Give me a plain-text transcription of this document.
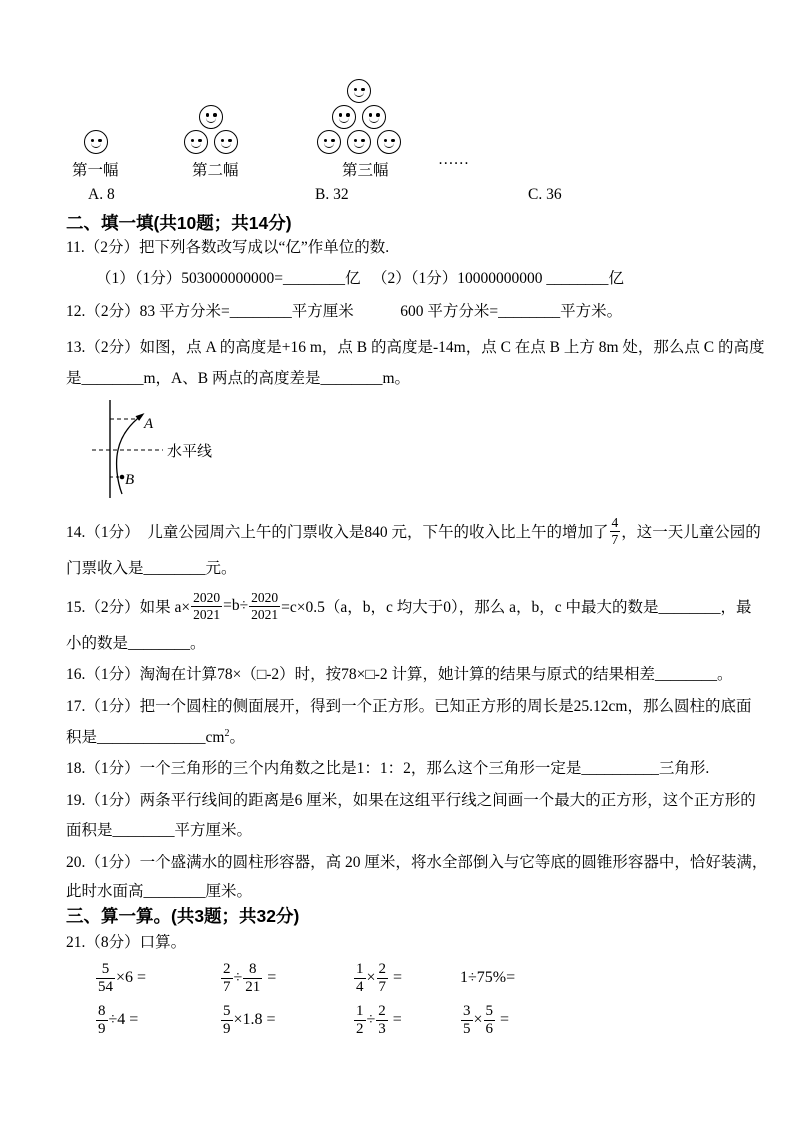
第一幅	第二幅	第三幅
……
A. 8	B. 32	C. 36
二、填一填(共10题；共14分)
11.（2分）把下列各数改写成以“亿”作单位的数.
（1）（1分）503000000000=________亿 （2）（1分）10000000000 ________亿
12.（2分）83 平方分米=________平方厘米　　　600 平方分米=________平方米。
13.（2分）如图，点 A 的高度是+16 m，点 B 的高度是-14m，点 C 在点 B 上方 8m 处，那么点 C 的高度
是________m，A、B 两点的高度差是________m。
A
水平线
B
14.（1分）  儿童公园周六上午的门票收入是840 元，下午的收入比上午的增加了 $\frac{4}{7}$ ，这一天儿童公园的
门票收入是________元。
15.（2分）如果 $a\times \frac{2020}{2021} =b\div \frac{2020}{2021} =c\times 0.5(a$，b，c 均大于0），那么 a，b，c 中最大的数是________，最
小的数是________。
16.（1分）淘淘在计算78×（□-2）时，按78×□-2 计算，她计算的结果与原式的结果相差________。
17.（1分）把一个圆柱的侧面展开，得到一个正方形。已知正方形的周长是25.12cm，那么圆柱的底面
积是$\_\_\_\_\_\_\_\_\_\_\_\_\_\_cm^2$。
18.（1分）一个三角形的三个内角数之比是1：1：2，那么这个三角形一定是__________三角形.
19.（1分）两条平行线间的距离是6 厘米，如果在这组平行线之间画一个最大的正方形，这个正方形的
面积是________平方厘米。
20.（1分）一个盛满水的圆柱形容器，高 20 厘米，将水全部倒入与它等底的圆锥形容器中，恰好装满，
此时水面高________厘米。
三、算一算。(共3题；共32分)
21.（8分）口算。
$\frac{5}{54} \times 6$ =	$\frac{2}{7} \div \frac{8}{21}$ =	$\frac{1}{4} \times \frac{2}{7}$ =	1÷75%=
$\frac{8}{9} \div 4$ =	$\frac{5}{9} \times 1.8$ =	$\frac{1}{2} \div \frac{2}{3}$ =	$\frac{3}{5} \times \frac{5}{6}$ =
